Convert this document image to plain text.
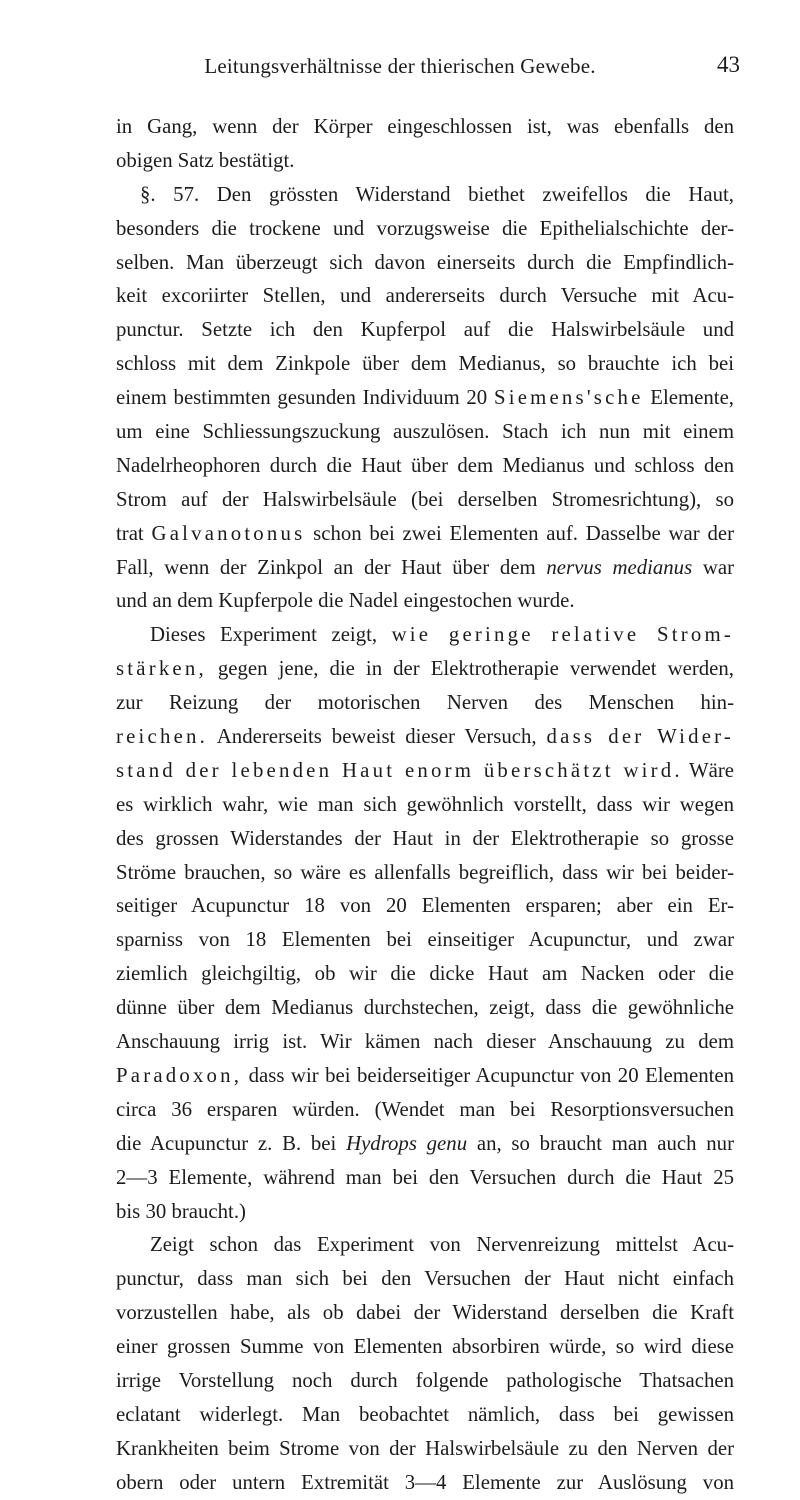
Leitungsverhältnisse der thierischen Gewebe.	43
in Gang, wenn der Körper eingeschlossen ist, was ebenfalls den
obigen Satz bestätigt.
§. 57. Den grössten Widerstand biethet zweifellos die Haut,
besonders die trockene und vorzugsweise die Epithelialschichte der-
selben. Man überzeugt sich davon einerseits durch die Empfindlich-
keit excoriirter Stellen, und andererseits durch Versuche mit Acu-
punctur. Setzte ich den Kupferpol auf die Halswirbelsäule und
schloss mit dem Zinkpole über dem Medianus, so brauchte ich bei
einem bestimmten gesunden Individuum 20 Siemens'sche Elemente,
um eine Schliessungszuckung auszulösen. Stach ich nun mit einem
Nadelrheophoren durch die Haut über dem Medianus und schloss den
Strom auf der Halswirbelsäule (bei derselben Stromesrichtung), so
trat Galvanotonus schon bei zwei Elementen auf. Dasselbe war der
Fall, wenn der Zinkpol an der Haut über dem nervus medianus war
und an dem Kupferpole die Nadel eingestochen wurde.
Dieses Experiment zeigt, wie geringe relative Strom-
stärken, gegen jene, die in der Elektrotherapie verwendet werden,
zur Reizung der motorischen Nerven des Menschen hin-
reichen. Andererseits beweist dieser Versuch, dass der Wider-
stand der lebenden Haut enorm überschätzt wird. Wäre
es wirklich wahr, wie man sich gewöhnlich vorstellt, dass wir wegen
des grossen Widerstandes der Haut in der Elektrotherapie so grosse
Ströme brauchen, so wäre es allenfalls begreiflich, dass wir bei beider-
seitiger Acupunctur 18 von 20 Elementen ersparen; aber ein Er-
sparniss von 18 Elementen bei einseitiger Acupunctur, und zwar
ziemlich gleichgiltig, ob wir die dicke Haut am Nacken oder die
dünne über dem Medianus durchstechen, zeigt, dass die gewöhnliche
Anschauung irrig ist. Wir kämen nach dieser Anschauung zu dem
Paradoxon, dass wir bei beiderseitiger Acupunctur von 20 Elementen
circa 36 ersparen würden. (Wendet man bei Resorptionsversuchen
die Acupunctur z. B. bei Hydrops genu an, so braucht man auch nur
2—3 Elemente, während man bei den Versuchen durch die Haut 25
bis 30 braucht.)
Zeigt schon das Experiment von Nervenreizung mittelst Acu-
punctur, dass man sich bei den Versuchen der Haut nicht einfach
vorzustellen habe, als ob dabei der Widerstand derselben die Kraft
einer grossen Summe von Elementen absorbiren würde, so wird diese
irrige Vorstellung noch durch folgende pathologische Thatsachen
eclatant widerlegt. Man beobachtet nämlich, dass bei gewissen
Krankheiten beim Strome von der Halswirbelsäule zu den Nerven der
obern oder untern Extremität 3—4 Elemente zur Auslösung von
